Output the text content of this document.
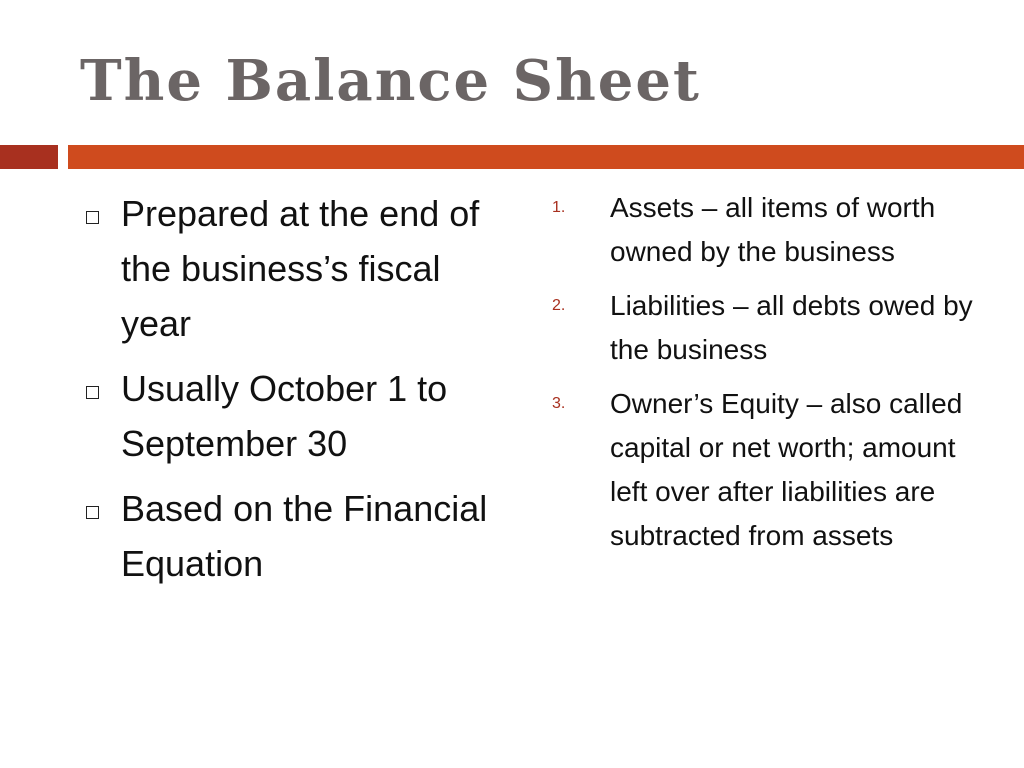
The Balance Sheet
Prepared at the end of the business’s fiscal year
Usually October 1 to September 30
Based on the Financial Equation
1.	Assets – all items of worth owned by the business
2.	Liabilities – all debts owed by the business
3.	Owner’s Equity – also called capital or net worth; amount left over after liabilities are subtracted from assets
